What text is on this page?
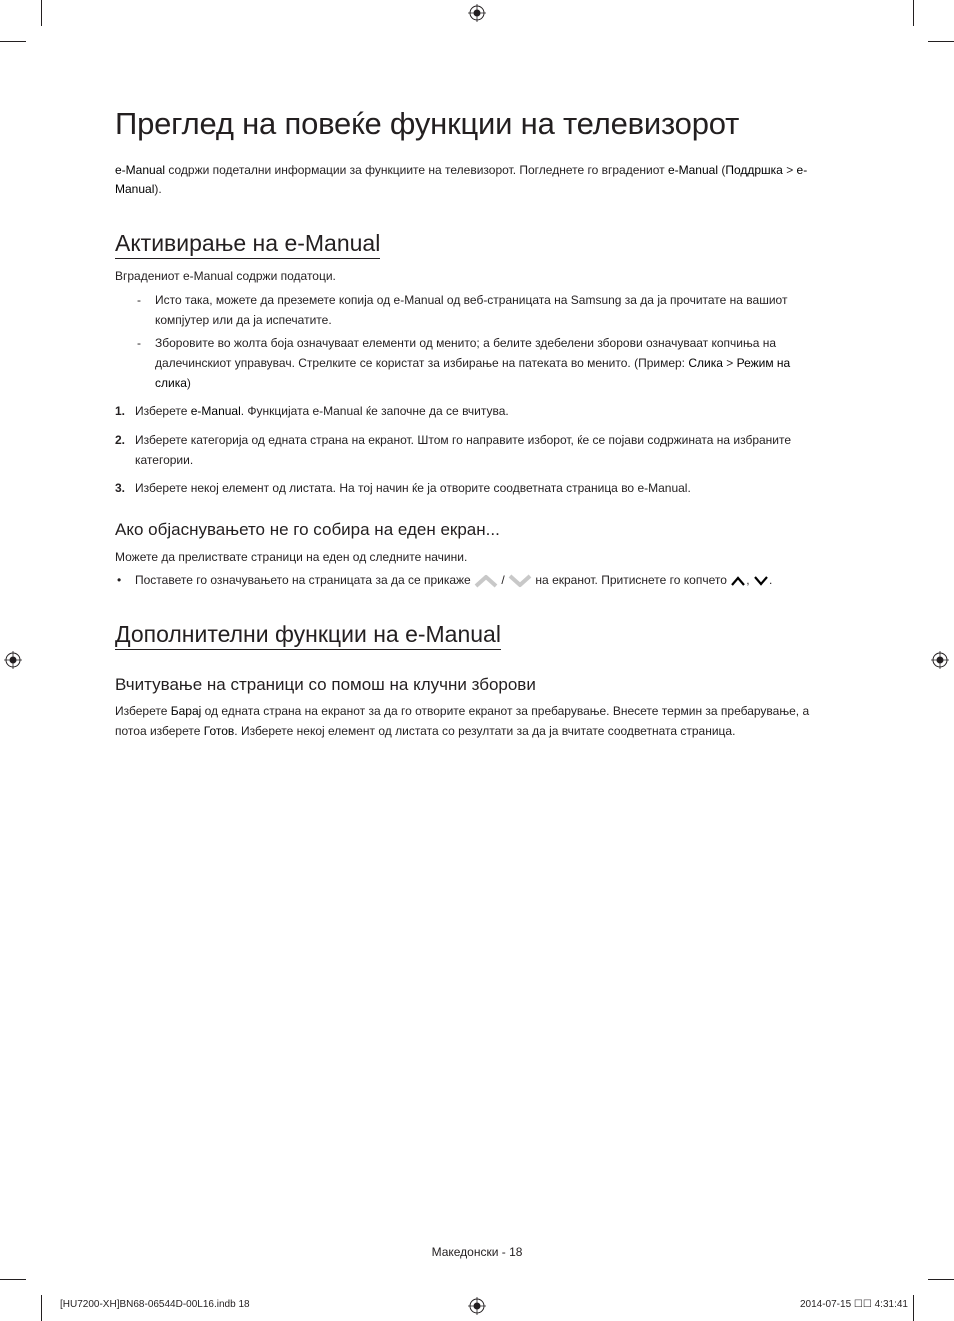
Преглед на повеќе функции на телевизорот
e-Manual содржи подетални информации за функциите на телевизорот. Погледнете го вградениот e-Manual (Поддршка > e-Manual).
Активирање на e-Manual
Вградениот e-Manual содржи податоци.
- Исто така, можете да преземете копија од e-Manual од веб-страницата на Samsung за да ја прочитате на вашиот компјутер или да ја испечатите.
- Зборовите во жолта боја означуваат елементи од менито; а белите здебелени зборови означуваат копчиња на далечинскиот управувач. Стрелките се користат за избирање на патеката во менито. (Пример: Слика > Режим на слика)
1. Изберете e-Manual. Функцијата e-Manual ќе започне да се вчитува.
2. Изберете категорија од едната страна на екранот. Штом го направите изборот, ќе се појави содржината на избраните категории.
3. Изберете некој елемент од листата. На тој начин ќе ја отворите соодветната страница во e-Manual.
Ако објаснувањето не го собира на еден екран...
Можете да прелиствате страници на еден од следните начини.
• Поставете го означувањето на страницата за да се прикаже  /  на екранот. Притиснете го копчето , .
Дополнителни функции на e-Manual
Вчитување на страници со помош на клучни зборови
Изберете Барај од едната страна на екранот за да го отворите екранот за пребарување. Внесете термин за пребарување, а потоа изберете Готов. Изберете некој елемент од листата со резултати за да ја вчитате соодветната страница.
Македонски - 18
[HU7200-XH]BN68-06544D-00L16.indb 18	2014-07-15 ☐☐ 4:31:41
